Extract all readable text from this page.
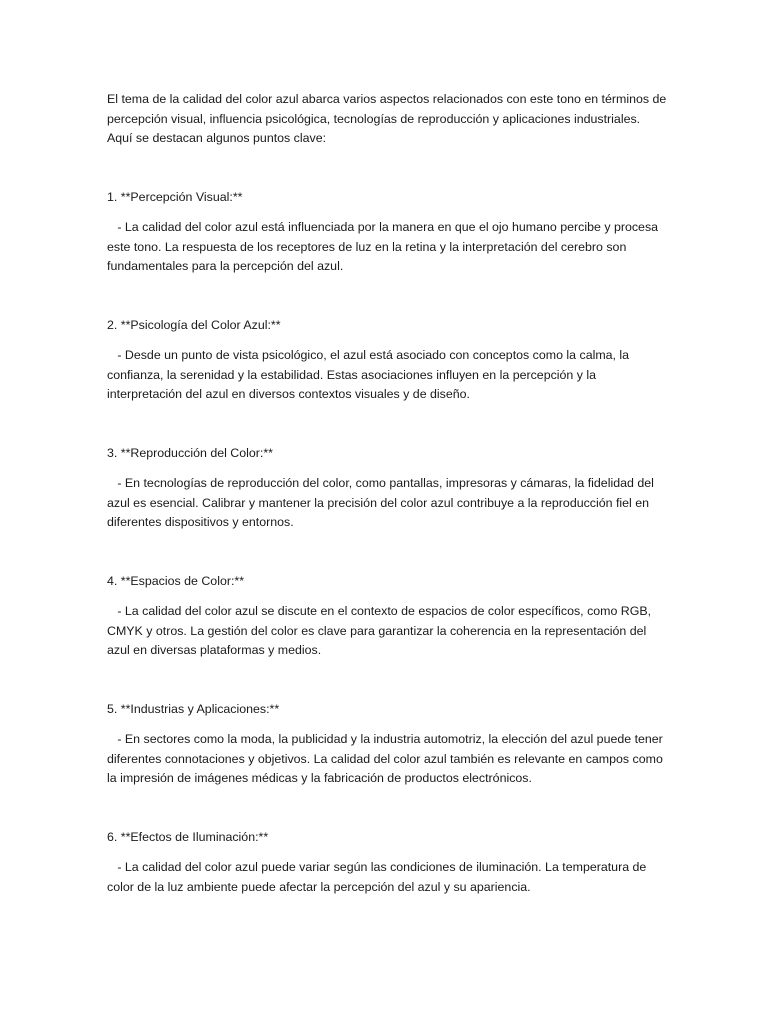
El tema de la calidad del color azul abarca varios aspectos relacionados con este tono en términos de percepción visual, influencia psicológica, tecnologías de reproducción y aplicaciones industriales. Aquí se destacan algunos puntos clave:

1. **Percepción Visual:**

- La calidad del color azul está influenciada por la manera en que el ojo humano percibe y procesa este tono. La respuesta de los receptores de luz en la retina y la interpretación del cerebro son fundamentales para la percepción del azul.

2. **Psicología del Color Azul:**

- Desde un punto de vista psicológico, el azul está asociado con conceptos como la calma, la confianza, la serenidad y la estabilidad. Estas asociaciones influyen en la percepción y la interpretación del azul en diversos contextos visuales y de diseño.

3. **Reproducción del Color:**

- En tecnologías de reproducción del color, como pantallas, impresoras y cámaras, la fidelidad del azul es esencial. Calibrar y mantener la precisión del color azul contribuye a la reproducción fiel en diferentes dispositivos y entornos.

4. **Espacios de Color:**

- La calidad del color azul se discute en el contexto de espacios de color específicos, como RGB, CMYK y otros. La gestión del color es clave para garantizar la coherencia en la representación del azul en diversas plataformas y medios.

5. **Industrias y Aplicaciones:**

- En sectores como la moda, la publicidad y la industria automotriz, la elección del azul puede tener diferentes connotaciones y objetivos. La calidad del color azul también es relevante en campos como la impresión de imágenes médicas y la fabricación de productos electrónicos.

6. **Efectos de Iluminación:**

- La calidad del color azul puede variar según las condiciones de iluminación. La temperatura de color de la luz ambiente puede afectar la percepción del azul y su apariencia.
